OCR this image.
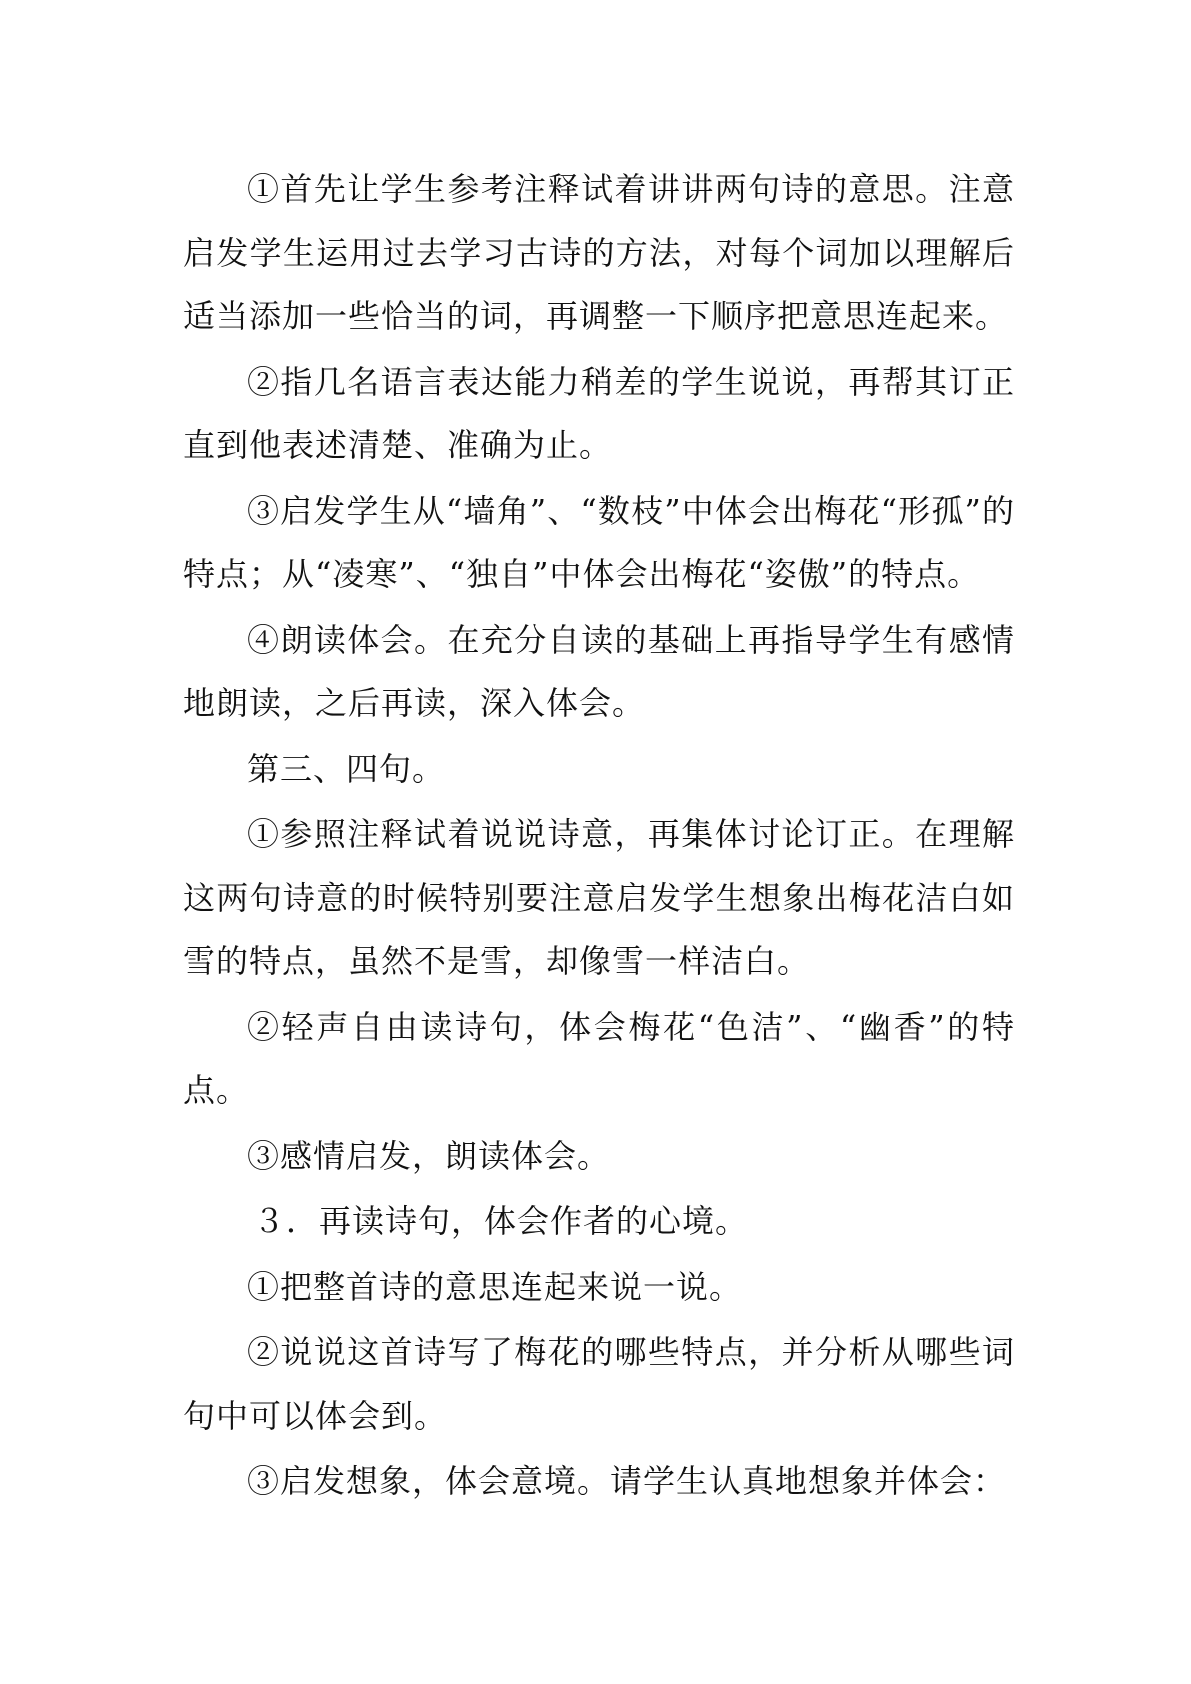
①首先让学生参考注释试着讲讲两句诗的意思。注意启发学生运用过去学习古诗的方法，对每个词加以理解后适当添加一些恰当的词，再调整一下顺序把意思连起来。

②指几名语言表达能力稍差的学生说说，再帮其订正直到他表述清楚、准确为止。

③启发学生从“墙角”、“数枝”中体会出梅花“形孤”的特点；从“凌寒”、“独自”中体会出梅花“姿傲”的特点。

④朗读体会。在充分自读的基础上再指导学生有感情地朗读，之后再读，深入体会。

第三、四句。

①参照注释试着说说诗意，再集体讨论订正。在理解这两句诗意的时候特别要注意启发学生想象出梅花洁白如雪的特点，虽然不是雪，却像雪一样洁白。

②轻声自由读诗句，体会梅花“色洁”、“幽香”的特点。

③感情启发，朗读体会。

３．再读诗句，体会作者的心境。

①把整首诗的意思连起来说一说。

②说说这首诗写了梅花的哪些特点，并分析从哪些词句中可以体会到。

③启发想象，体会意境。请学生认真地想象并体会：
